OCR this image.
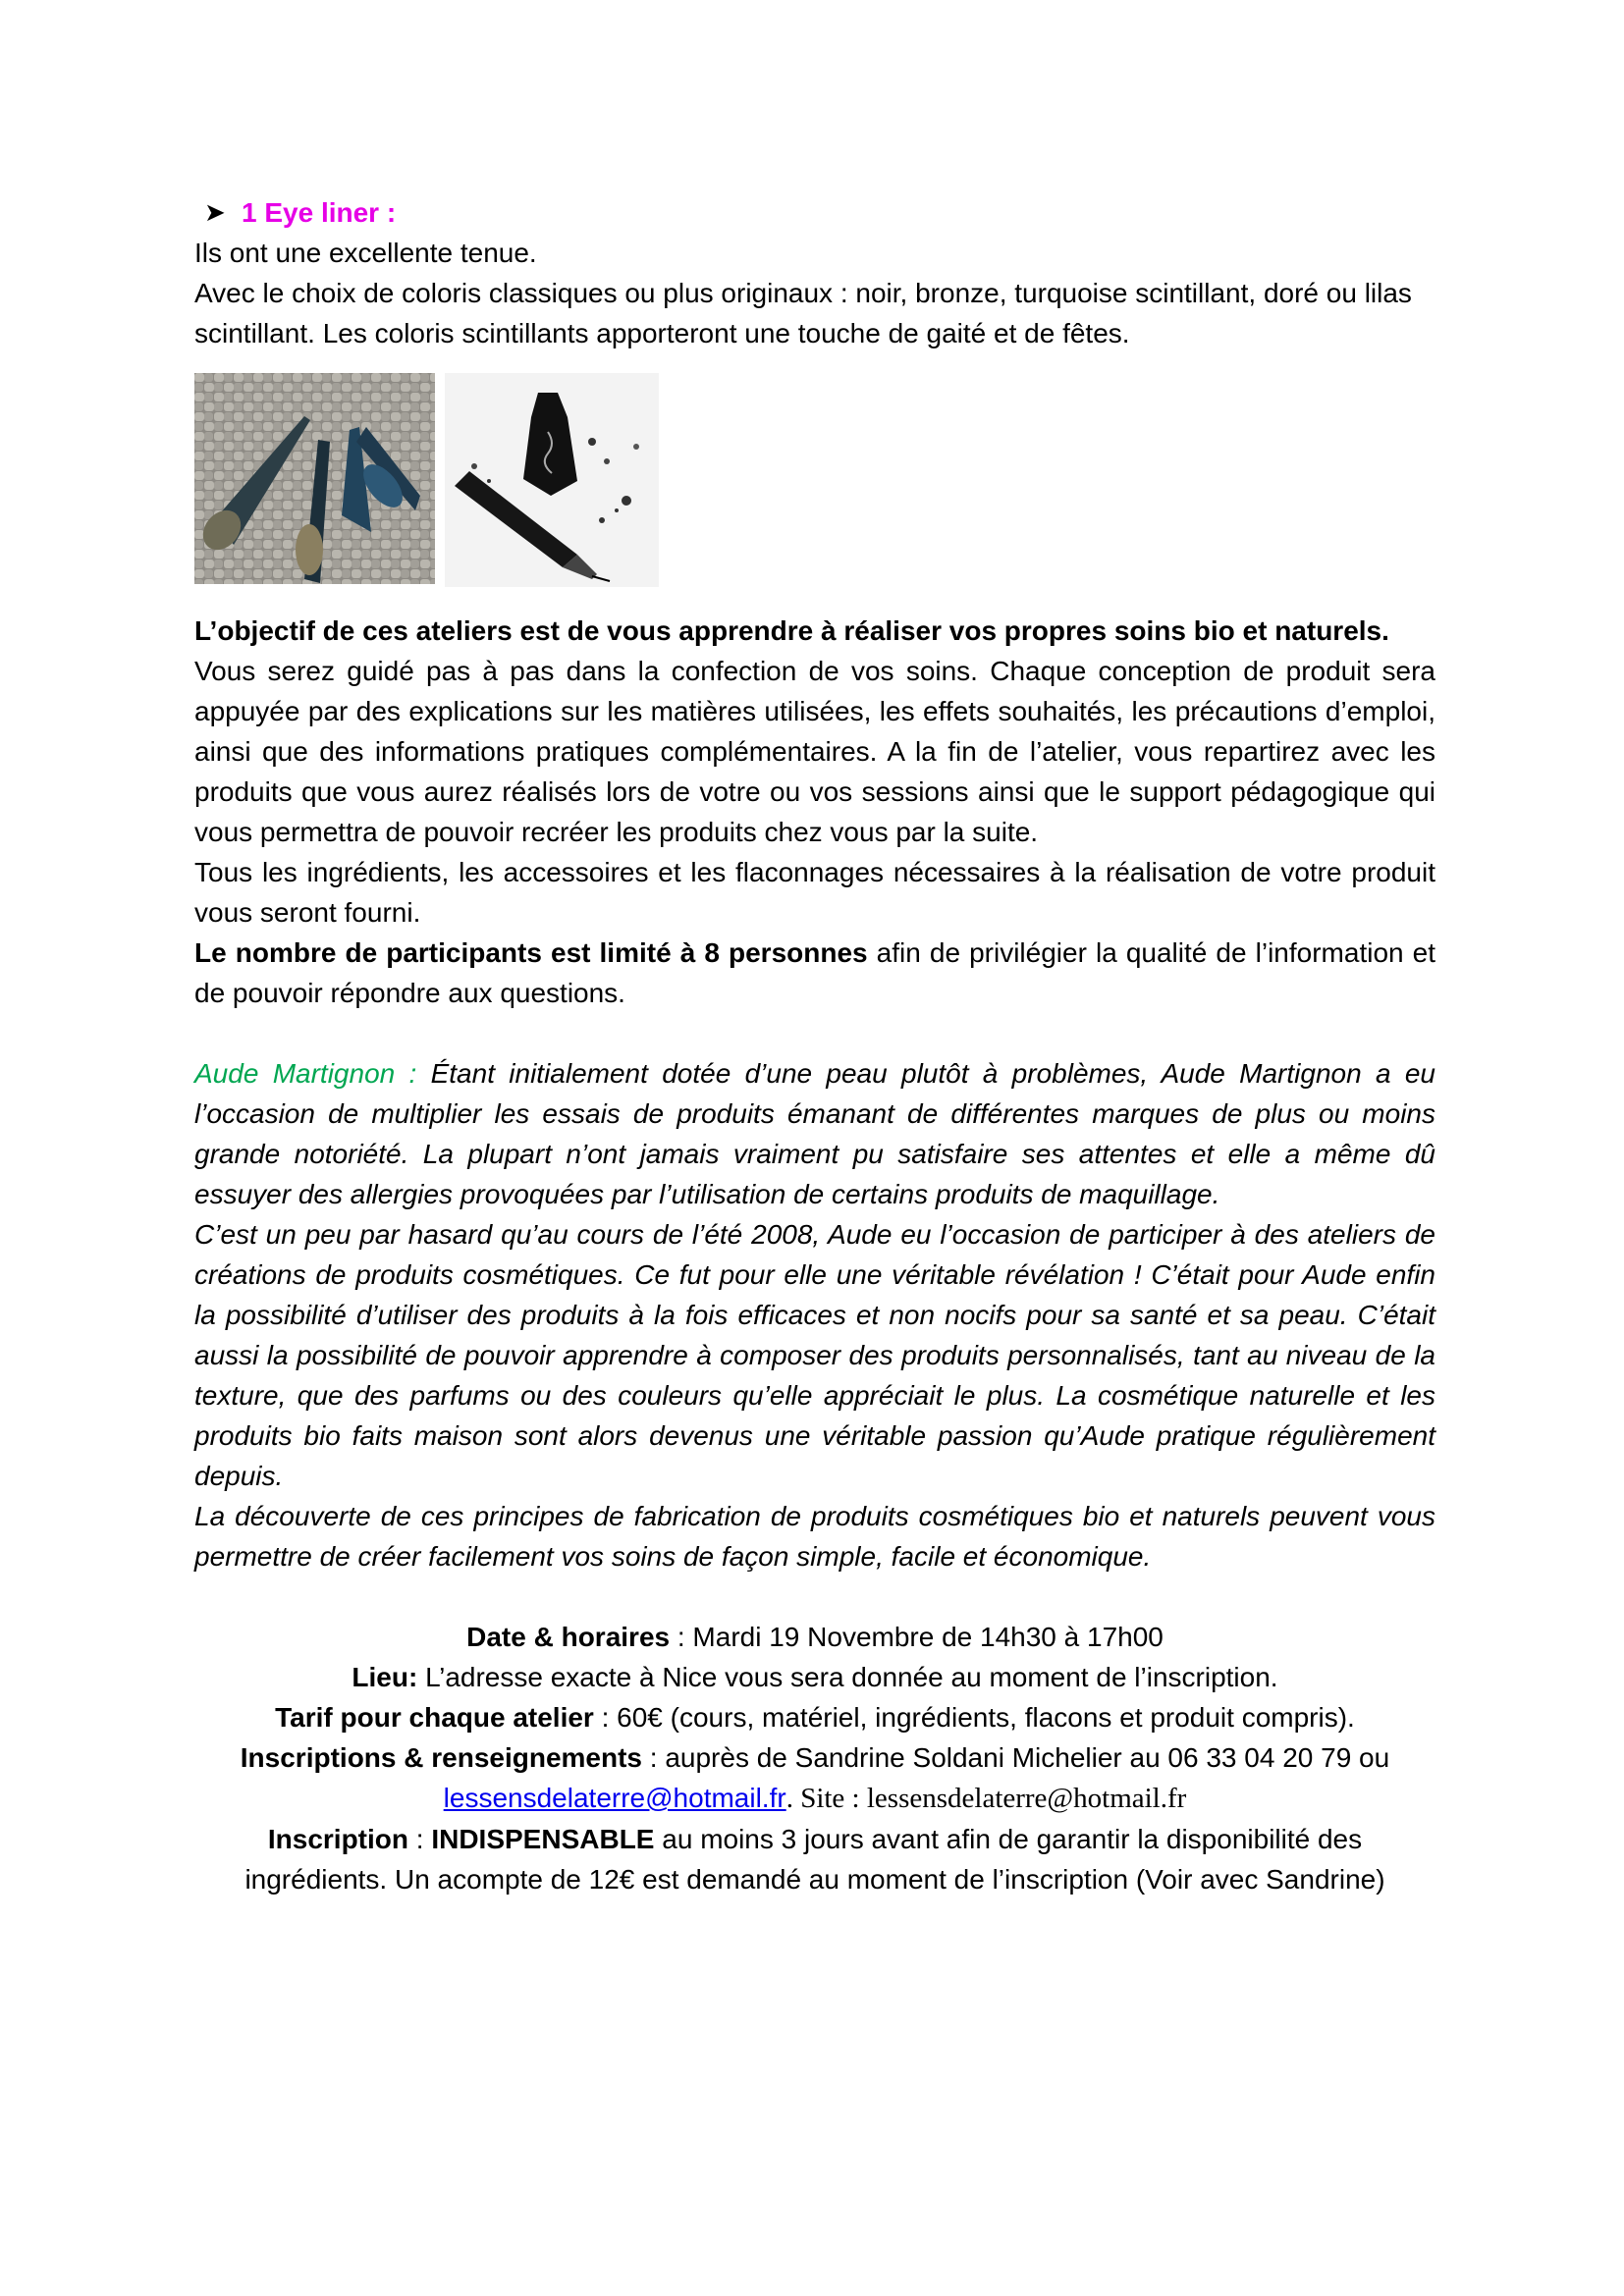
➤ 1 Eye liner :

Ils ont une excellente tenue.

Avec le choix de coloris classiques ou plus originaux : noir, bronze, turquoise scintillant, doré ou lilas scintillant. Les coloris scintillants apporteront une touche de gaité et de fêtes.

L’objectif de ces ateliers est de vous apprendre à réaliser vos propres soins bio et naturels.

Vous serez guidé pas à pas dans la confection de vos soins. Chaque conception de produit sera appuyée par des explications sur les matières utilisées, les effets souhaités, les précautions d’emploi, ainsi que des informations pratiques complémentaires. A la fin de l’atelier, vous repartirez avec les produits que vous aurez réalisés lors de votre ou vos sessions ainsi que le support pédagogique qui vous permettra de pouvoir recréer les produits chez vous par la suite.

Tous les ingrédients, les accessoires et les flaconnages nécessaires à la réalisation de votre produit vous seront fourni.

Le nombre de participants est limité à 8 personnes afin de privilégier la qualité de l’information et de pouvoir répondre aux questions.

Aude Martignon : Étant initialement dotée d’une peau plutôt à problèmes, Aude Martignon a eu l’occasion de multiplier les essais de produits émanant de différentes marques de plus ou moins grande notoriété. La plupart n’ont jamais vraiment pu satisfaire ses attentes et elle a même dû essuyer des allergies provoquées par l’utilisation de certains produits de maquillage.

C’est un peu par hasard qu’au cours de l’été 2008, Aude eu l’occasion de participer à des ateliers de créations de produits cosmétiques. Ce fut pour elle une véritable révélation ! C’était pour Aude enfin la possibilité d’utiliser des produits à la fois efficaces et non nocifs pour sa santé et sa peau. C’était aussi la possibilité de pouvoir apprendre à composer des produits personnalisés, tant au niveau de la texture, que des parfums ou des couleurs qu’elle appréciait le plus. La cosmétique naturelle et les produits bio faits maison sont alors devenus une véritable passion qu’Aude pratique régulièrement depuis.

La découverte de ces principes de fabrication de produits cosmétiques bio et naturels peuvent vous permettre de créer facilement vos soins de façon simple, facile et économique.

Date & horaires : Mardi 19 Novembre de 14h30 à 17h00

Lieu: L’adresse exacte à Nice vous sera donnée au moment de l’inscription.

Tarif pour chaque atelier : 60€ (cours, matériel, ingrédients, flacons et produit compris).

Inscriptions & renseignements : auprès de Sandrine Soldani Michelier au 06 33 04 20 79 ou

lessensdelaterre@hotmail.fr. Site : lessensdelaterre@hotmail.fr

Inscription : INDISPENSABLE au moins 3 jours avant afin de garantir la disponibilité des ingrédients. Un acompte de 12€ est demandé au moment de l’inscription (Voir avec Sandrine)
